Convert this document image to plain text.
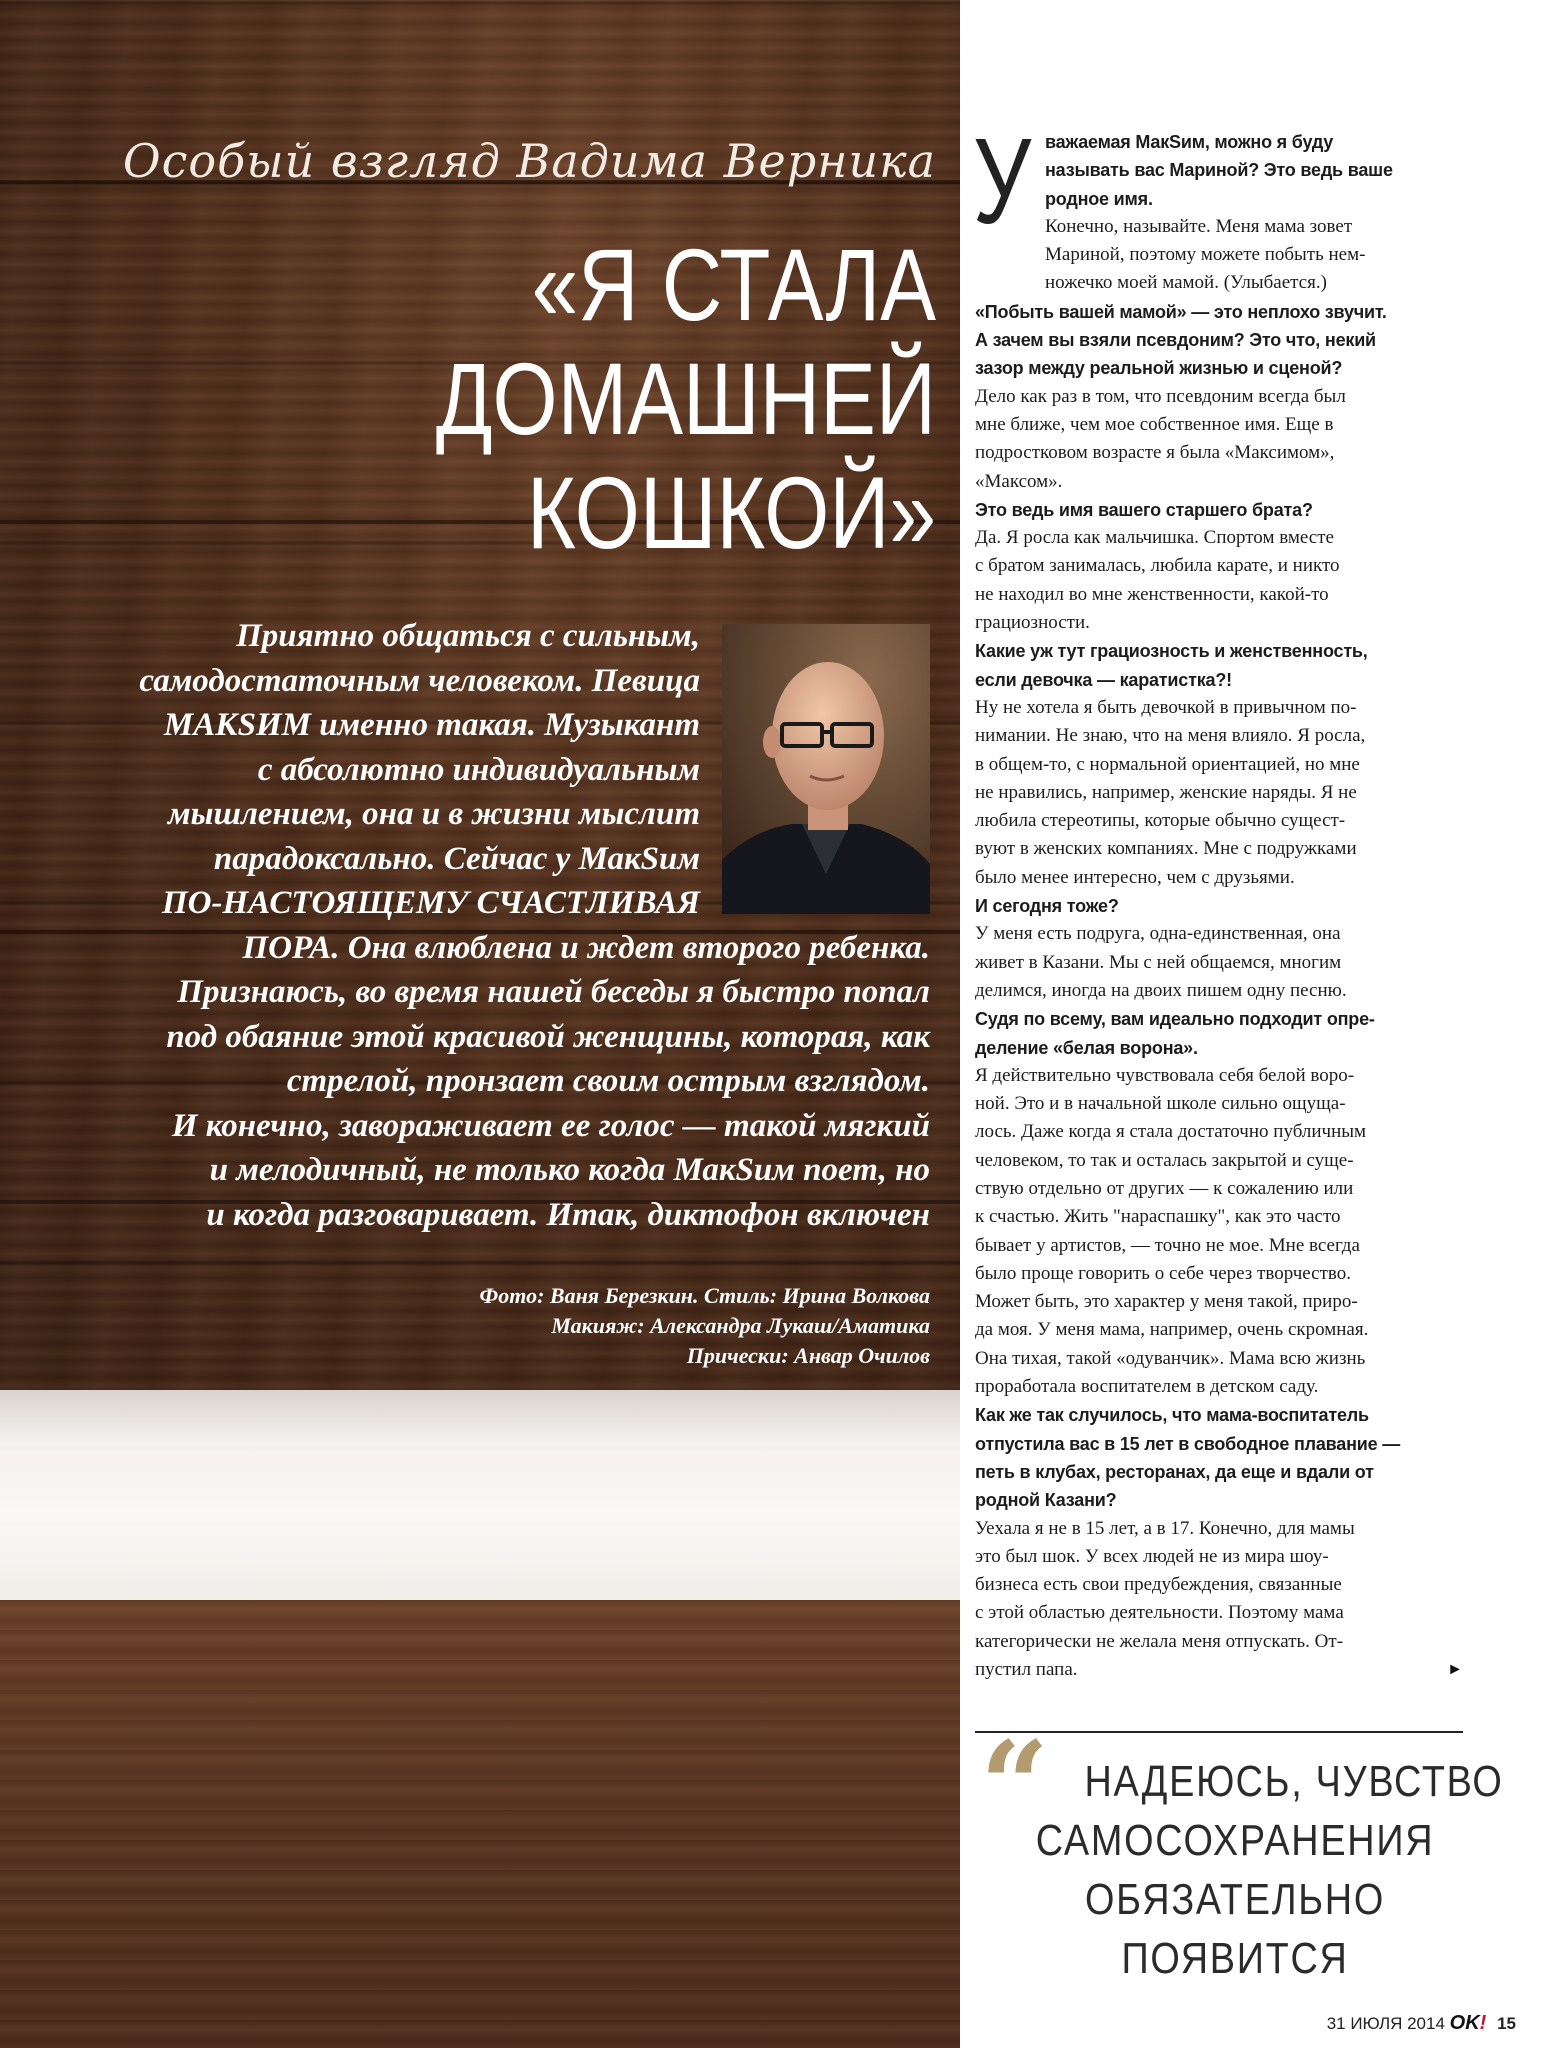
Особый взгляд Вадима Верника
«Я СТАЛА
ДОМАШНЕЙ
КОШКОЙ»
Приятно общаться с сильным,
самодостаточным человеком. Певица
МАКSИМ именно такая. Музыкант
с абсолютно индивидуальным
мышлением, она и в жизни мыслит
парадоксально. Сейчас у МакSим
ПО-НАСТОЯЩЕМУ СЧАСТЛИВАЯ
ПОРА. Она влюблена и ждет второго ребенка.
Признаюсь, во время нашей беседы я быстро попал
под обаяние этой красивой женщины, которая, как
стрелой, пронзает своим острым взглядом.
И конечно, завораживает ее голос — такой мягкий
и мелодичный, не только когда МакSим поет, но
и когда разговаривает. Итак, диктофон включен
Фото: Ваня Березкин. Стиль: Ирина Волкова
Макияж: Александра Лукаш/Аматика
Прически: Анвар Очилов
У важаемая МакSим, можно я буду
называть вас Мариной? Это ведь ваше
родное имя.
Конечно, называйте. Меня мама зовет
Мариной, поэтому можете побыть нем-
ножечко моей мамой. (Улыбается.)
«Побыть вашей мамой» — это неплохо звучит.
А зачем вы взяли псевдоним? Это что, некий
зазор между реальной жизнью и сценой?
Дело как раз в том, что псевдоним всегда был
мне ближе, чем мое собственное имя. Еще в
подростковом возрасте я была «Максимом»,
«Максом».
Это ведь имя вашего старшего брата?
Да. Я росла как мальчишка. Спортом вместе
с братом занималась, любила карате, и никто
не находил во мне женственности, какой-то
грациозности.
Какие уж тут грациозность и женственность,
если девочка — каратистка?!
Ну не хотела я быть девочкой в привычном по-
нимании. Не знаю, что на меня влияло. Я росла,
в общем-то, с нормальной ориентацией, но мне
не нравились, например, женские наряды. Я не
любила стереотипы, которые обычно сущест-
вуют в женских компаниях. Мне с подружками
было менее интересно, чем с друзьями.
И сегодня тоже?
У меня есть подруга, одна-единственная, она
живет в Казани. Мы с ней общаемся, многим
делимся, иногда на двоих пишем одну песню.
Судя по всему, вам идеально подходит опре-
деление «белая ворона».
Я действительно чувствовала себя белой воро-
ной. Это и в начальной школе сильно ощуща-
лось. Даже когда я стала достаточно публичным
человеком, то так и осталась закрытой и суще-
ствую отдельно от других — к сожалению или
к счастью. Жить "нараспашку", как это часто
бывает у артистов, — точно не мое. Мне всегда
было проще говорить о себе через творчество.
Может быть, это характер у меня такой, приро-
да моя. У меня мама, например, очень скромная.
Она тихая, такой «одуванчик». Мама всю жизнь
проработала воспитателем в детском саду.
Как же так случилось, что мама-воспитатель
отпустила вас в 15 лет в свободное плавание —
петь в клубах, ресторанах, да еще и вдали от
родной Казани?
Уехала я не в 15 лет, а в 17. Конечно, для мамы
это был шок. У всех людей не из мира шоу-
бизнеса есть свои предубеждения, связанные
с этой областью деятельности. Поэтому мама
категорически не желала меня отпускать. От-
пустил папа.	►
“ НАДЕЮСЬ, ЧУВСТВО
САМОСОХРАНЕНИЯ
ОБЯЗАТЕЛЬНО
ПОЯВИТСЯ
31 ИЮЛЯ 2014 OK! 15
